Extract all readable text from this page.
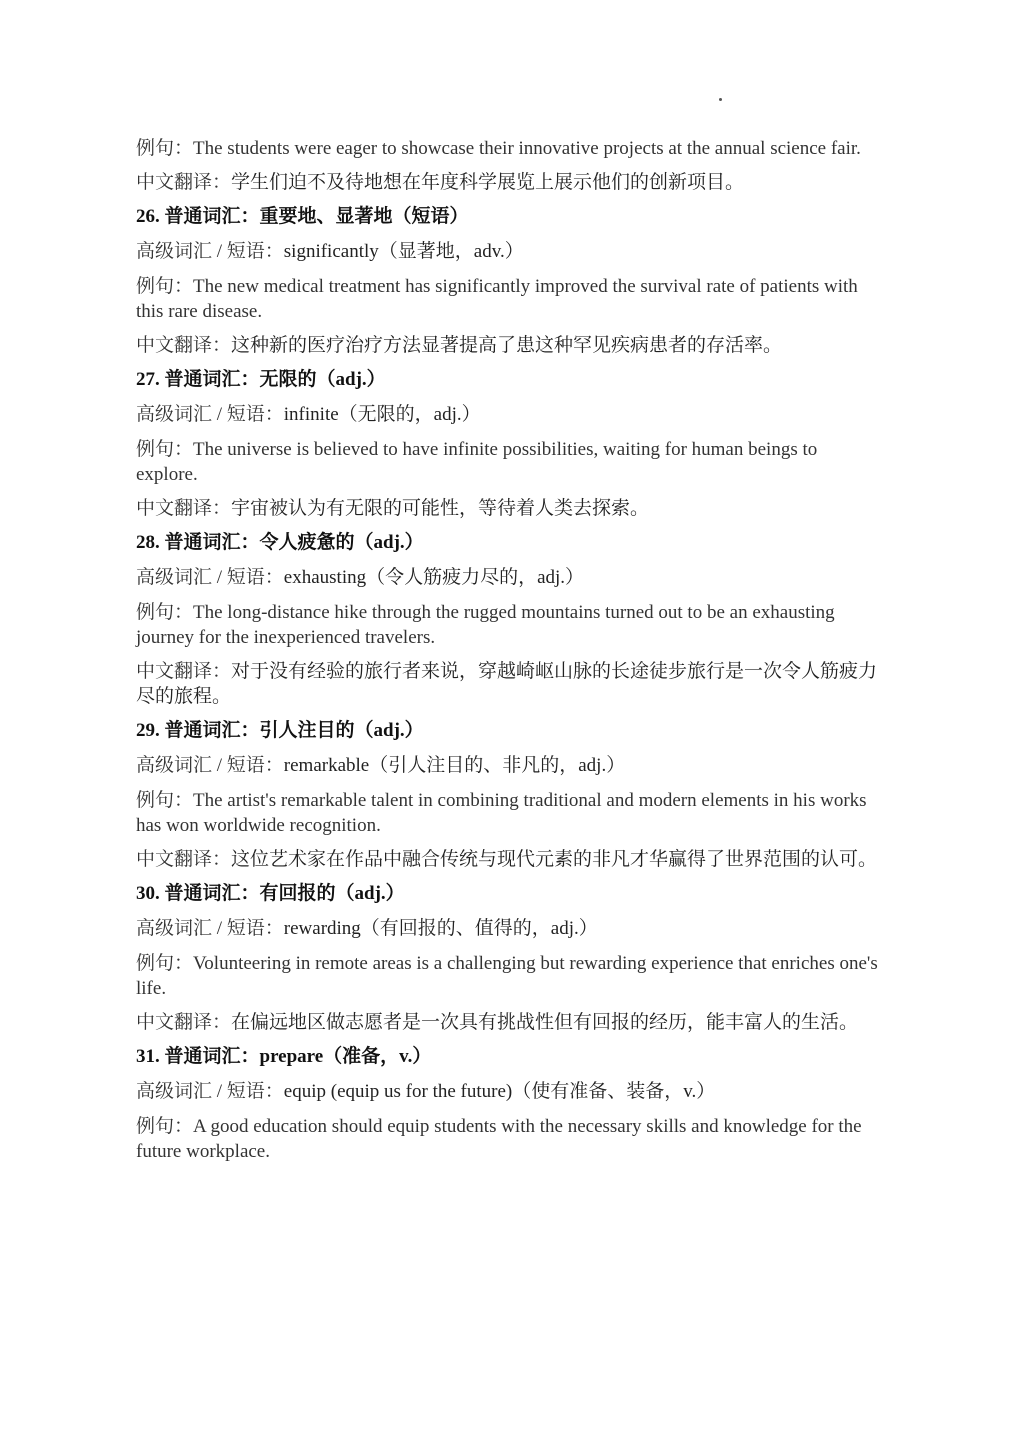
例句：The students were eager to showcase their innovative projects at the annual science fair.

中文翻译：学生们迫不及待地想在年度科学展览上展示他们的创新项目。

26. 普通词汇：重要地、显著地（短语）

高级词汇 / 短语：significantly（显著地，adv.）

例句：The new medical treatment has significantly improved the survival rate of patients with this rare disease.

中文翻译：这种新的医疗治疗方法显著提高了患这种罕见疾病患者的存活率。

27. 普通词汇：无限的（adj.）

高级词汇 / 短语：infinite（无限的，adj.）

例句：The universe is believed to have infinite possibilities, waiting for human beings to explore.

中文翻译：宇宙被认为有无限的可能性，等待着人类去探索。

28. 普通词汇：令人疲惫的（adj.）

高级词汇 / 短语：exhausting（令人筋疲力尽的，adj.）

例句：The long-distance hike through the rugged mountains turned out to be an exhausting journey for the inexperienced travelers.

中文翻译：对于没有经验的旅行者来说，穿越崎岖山脉的长途徒步旅行是一次令人筋疲力尽的旅程。

29. 普通词汇：引人注目的（adj.）

高级词汇 / 短语：remarkable（引人注目的、非凡的，adj.）

例句：The artist's remarkable talent in combining traditional and modern elements in his works has won worldwide recognition.

中文翻译：这位艺术家在作品中融合传统与现代元素的非凡才华赢得了世界范围的认可。

30. 普通词汇：有回报的（adj.）

高级词汇 / 短语：rewarding（有回报的、值得的，adj.）

例句：Volunteering in remote areas is a challenging but rewarding experience that enriches one's life.

中文翻译：在偏远地区做志愿者是一次具有挑战性但有回报的经历，能丰富人的生活。

31. 普通词汇：prepare（准备，v.）

高级词汇 / 短语：equip (equip us for the future)（使有准备、装备，v.）

例句：A good education should equip students with the necessary skills and knowledge for the future workplace.
